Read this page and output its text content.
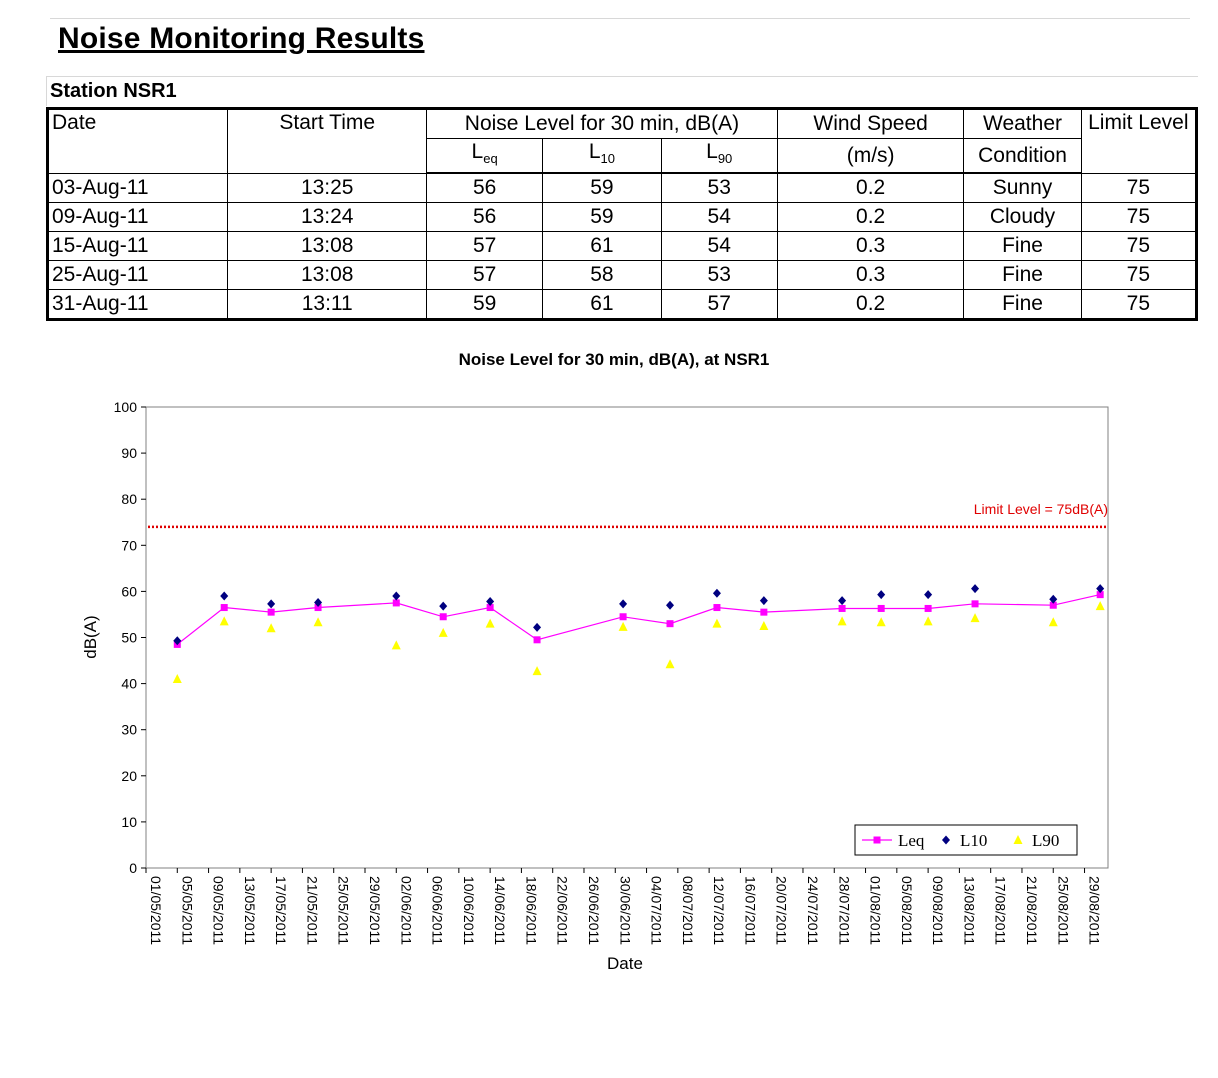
Noise Monitoring Results
Station NSR1
Date	Start Time	Noise Level for 30 min, dB(A)			Wind Speed	Weather	Limit Level
		$L_{eq}$	$L_{10}$	$L_{90}$	(m/s)	Condition	
03-Aug-11	13:25	56	59	53	0.2	Sunny	75
09-Aug-11	13:24	56	59	54	0.2	Cloudy	75
15-Aug-11	13:08	57	61	54	0.3	Fine	75
25-Aug-11	13:08	57	58	53	0.3	Fine	75
31-Aug-11	13:11	59	61	57	0.2	Fine	75
Noise Level for 30 min, dB(A), at NSR1
0
10
20
30
40
50
60
70
80
90
100
01/05/2011 05/05/2011 09/05/2011 13/05/2011 17/05/2011 21/05/2011 25/05/2011 29/05/2011 02/06/2011 06/06/2011 10/06/2011 14/06/2011 18/06/2011 22/06/2011 26/06/2011 30/06/2011 04/07/2011 08/07/2011 12/07/2011 16/07/2011 20/07/2011 24/07/2011 28/07/2011 01/08/2011 05/08/2011 09/08/2011 13/08/2011 17/08/2011 21/08/2011 25/08/2011 29/08/2011
Limit Level = 75dB(A)
dB(A)
Date
Leq L10	L90
